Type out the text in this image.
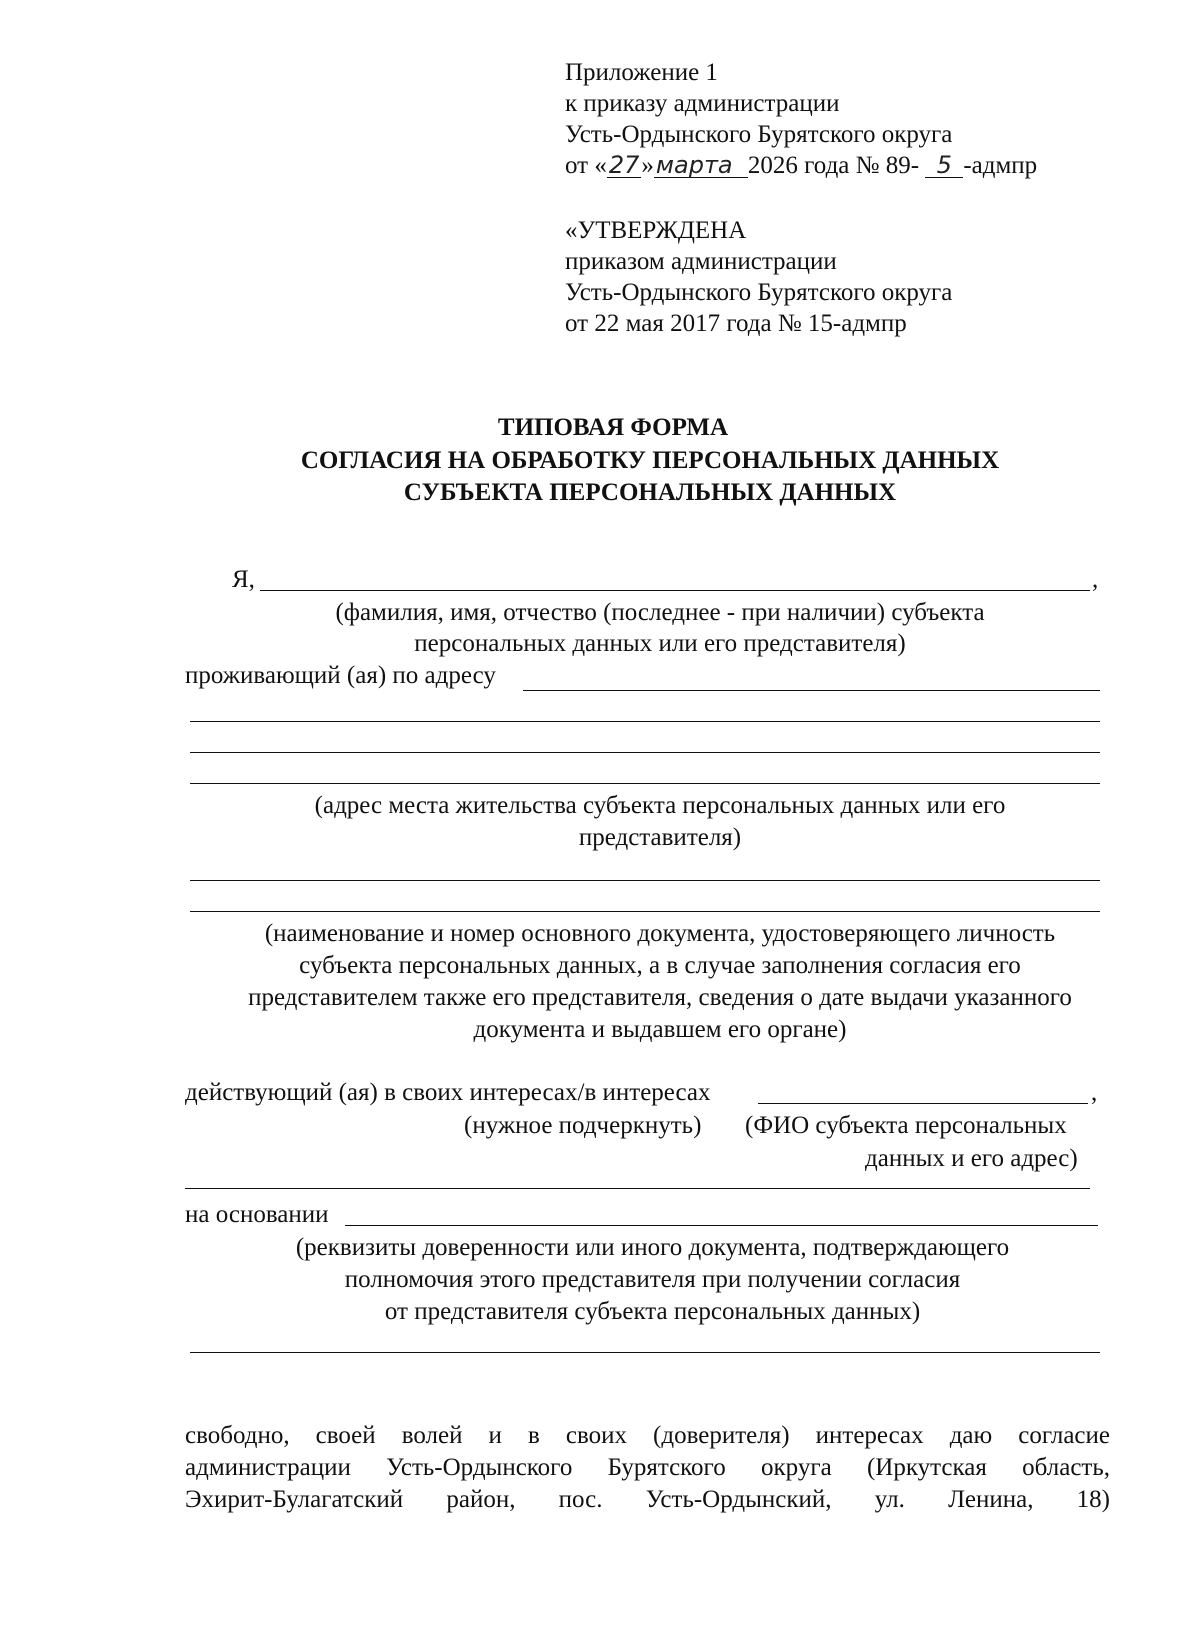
Приложение 1
к приказу администрации
Усть-Ордынского Бурятского округа
от «27»марта 2026 года № 89- 5 -адмпр
«УТВЕРЖДЕНА
приказом администрации
Усть-Ордынского Бурятского округа
от 22 мая 2017 года № 15-адмпр
ТИПОВАЯ ФОРМА
СОГЛАСИЯ НА ОБРАБОТКУ ПЕРСОНАЛЬНЫХ ДАННЫХ
СУБЪЕКТА ПЕРСОНАЛЬНЫХ ДАННЫХ
Я,	,
(фамилия, имя, отчество (последнее - при наличии) субъекта
персональных данных или его представителя)
проживающий (ая) по адресу
(адрес места жительства субъекта персональных данных или его
представителя)
(наименование и номер основного документа, удостоверяющего личность
субъекта персональных данных, а в случае заполнения согласия его
представителем также его представителя, сведения о дате выдачи указанного
документа и выдавшем его органе)
действующий (ая) в своих интересах/в интересах	,
(нужное подчеркнуть) (ФИО субъекта персональных
данных и его адрес)
на основании
(реквизиты доверенности или иного документа, подтверждающего
полномочия этого представителя при получении согласия
от представителя субъекта персональных данных)
свободно, своей волей и в своих (доверителя) интересах даю согласие
администрации Усть-Ордынского Бурятского округа (Иркутская область,
Эхирит-Булагатский район, пос. Усть-Ордынский, ул. Ленина, 18)
